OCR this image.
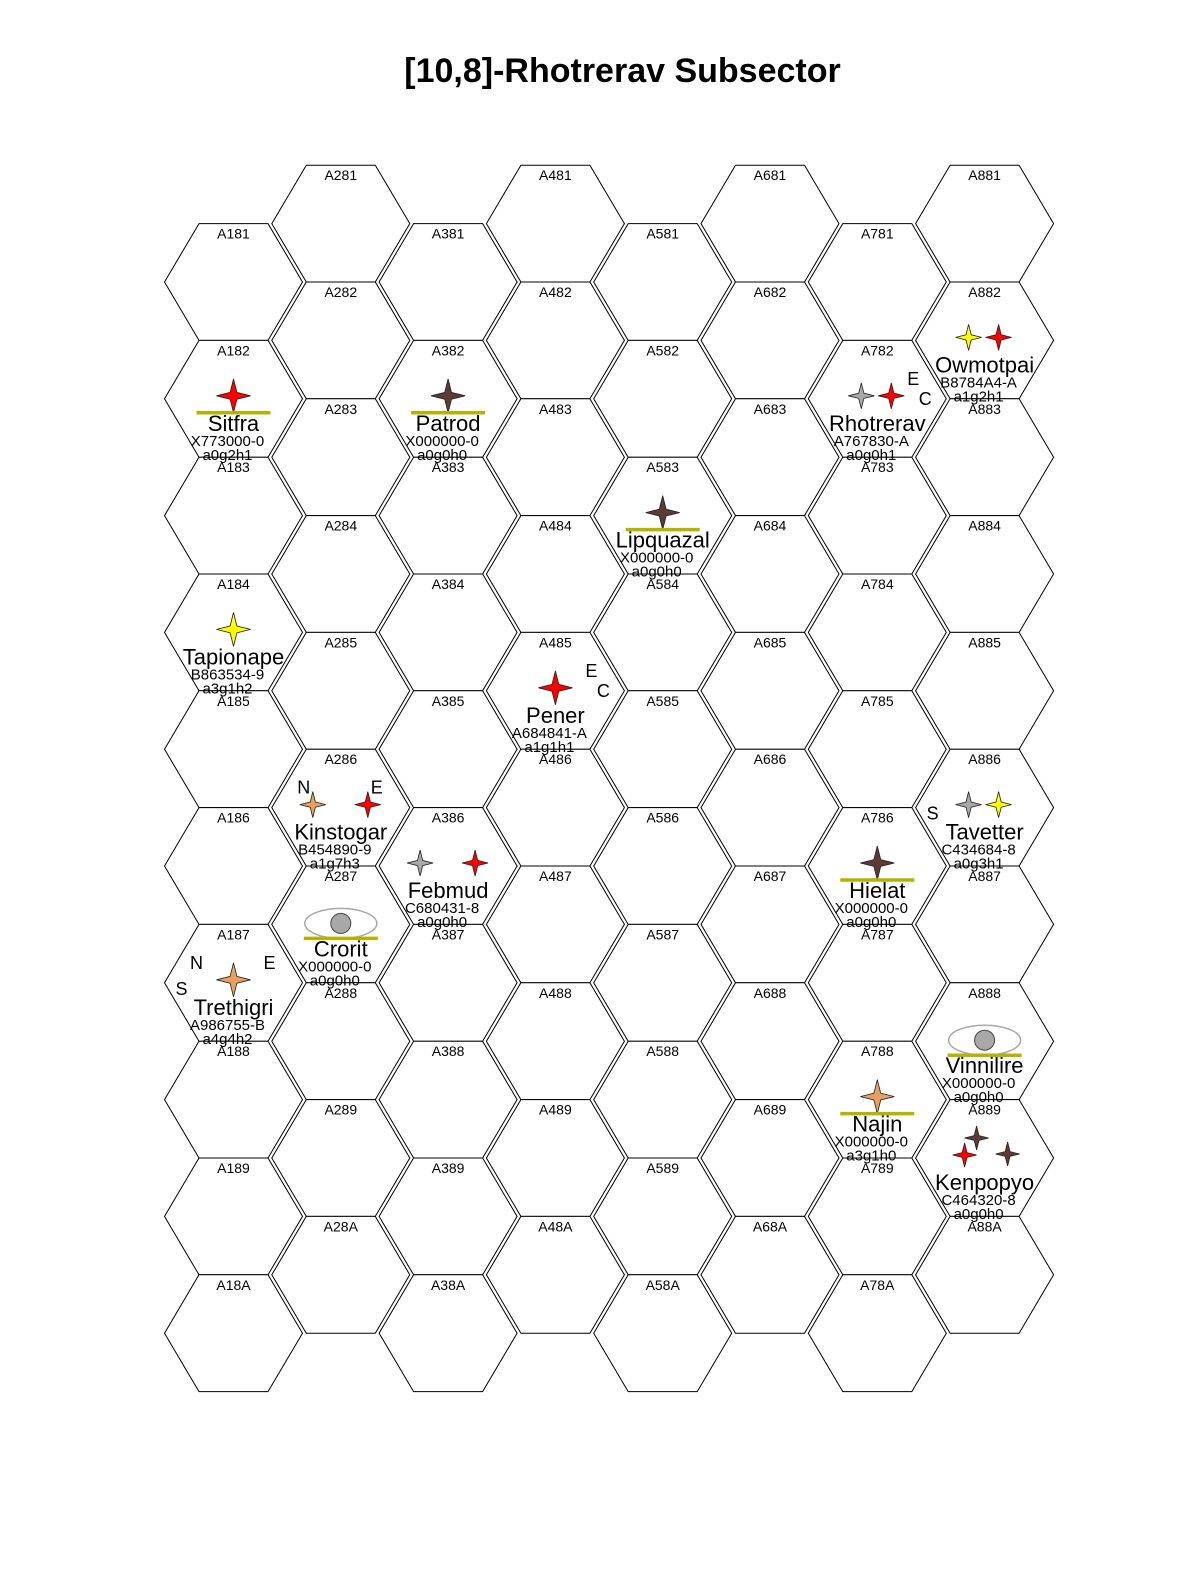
[10,8]-Rhotrerav Subsector
A181
A182
A183
A184
A185
A186
A187
A188
A189
A18A
A281
A282
A283
A284
A285
A286
A287
A288
A289
A28A
A381
A382
A383
A384
A385
A386
A387
A388
A389
A38A
A481
A482
A483
A484
A485
A486
A487
A488
A489
A48A
A581
A582
A583
A584
A585
A586
A587
A588
A589
A58A
A681
A682
A683
A684
A685
A686
A687
A688
A689
A68A
A781
A782
A783
A784
A785
A786
A787
A788
A789
A78A
A881
A882
A883
A884
A885
A886
A887
A888
A889
A88A
Sitfra
X773000-0
a0g2h1
Patrod
X000000-0
a0g0h0
Rhotrerav
A767830-A
a0g0h1
E
C
Owmotpai
B8784A4-A
a1g2h1
Lipquazal
X000000-0
a0g0h0
Tapionape
B863534-9
a3g1h2
Pener
A684841-A
a1g1h1
E
C
Kinstogar
B454890-9
a1g7h3
N	E
Tavetter
C434684-8
a0g3h1
S
Febmud
C680431-8
a0g0h0
Hielat
X000000-0
a0g0h0
Crorit
X000000-0
a0g0h0
Trethigri
A986755-B
a4g4h2
N	E
S
Vinnilire
X000000-0
a0g0h0
Najin
X000000-0
a3g1h0
Kenpopyo
C464320-8
a0g0h0
